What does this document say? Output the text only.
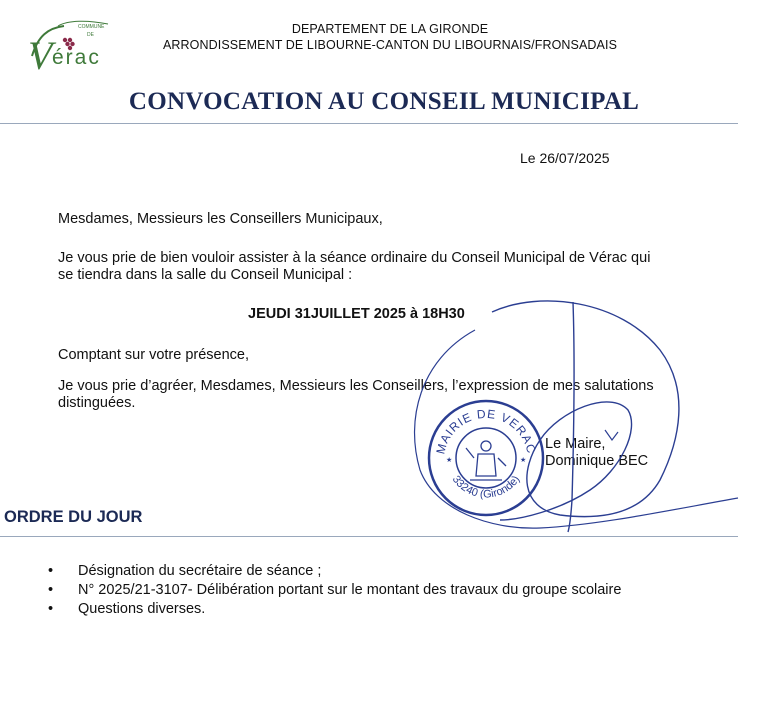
V
COMMUNE
DE
érac
DEPARTEMENT DE LA GIRONDE
ARRONDISSEMENT DE LIBOURNE-CANTON DU LIBOURNAIS/FRONSADAIS
CONVOCATION AU CONSEIL MUNICIPAL
Le 26/07/2025
Mesdames, Messieurs les Conseillers Municipaux,
Je vous prie de bien vouloir assister à la séance ordinaire du Conseil Municipal de Vérac qui
se tiendra dans la salle du Conseil Municipal :
JEUDI 31JUILLET 2025 à 18H30
Comptant sur votre présence,
Je vous prie d’agréer, Mesdames, Messieurs les Conseillers, l’expression de mes salutations
distinguées.
Le Maire,
Dominique BEC
MAIRIE DE VERAC
33240 (Gironde)
★	★
ORDRE DU JOUR
• Désignation du secrétaire de séance ;
• N° 2025/21-3107- Délibération portant sur le montant des travaux du groupe scolaire
• Questions diverses.
